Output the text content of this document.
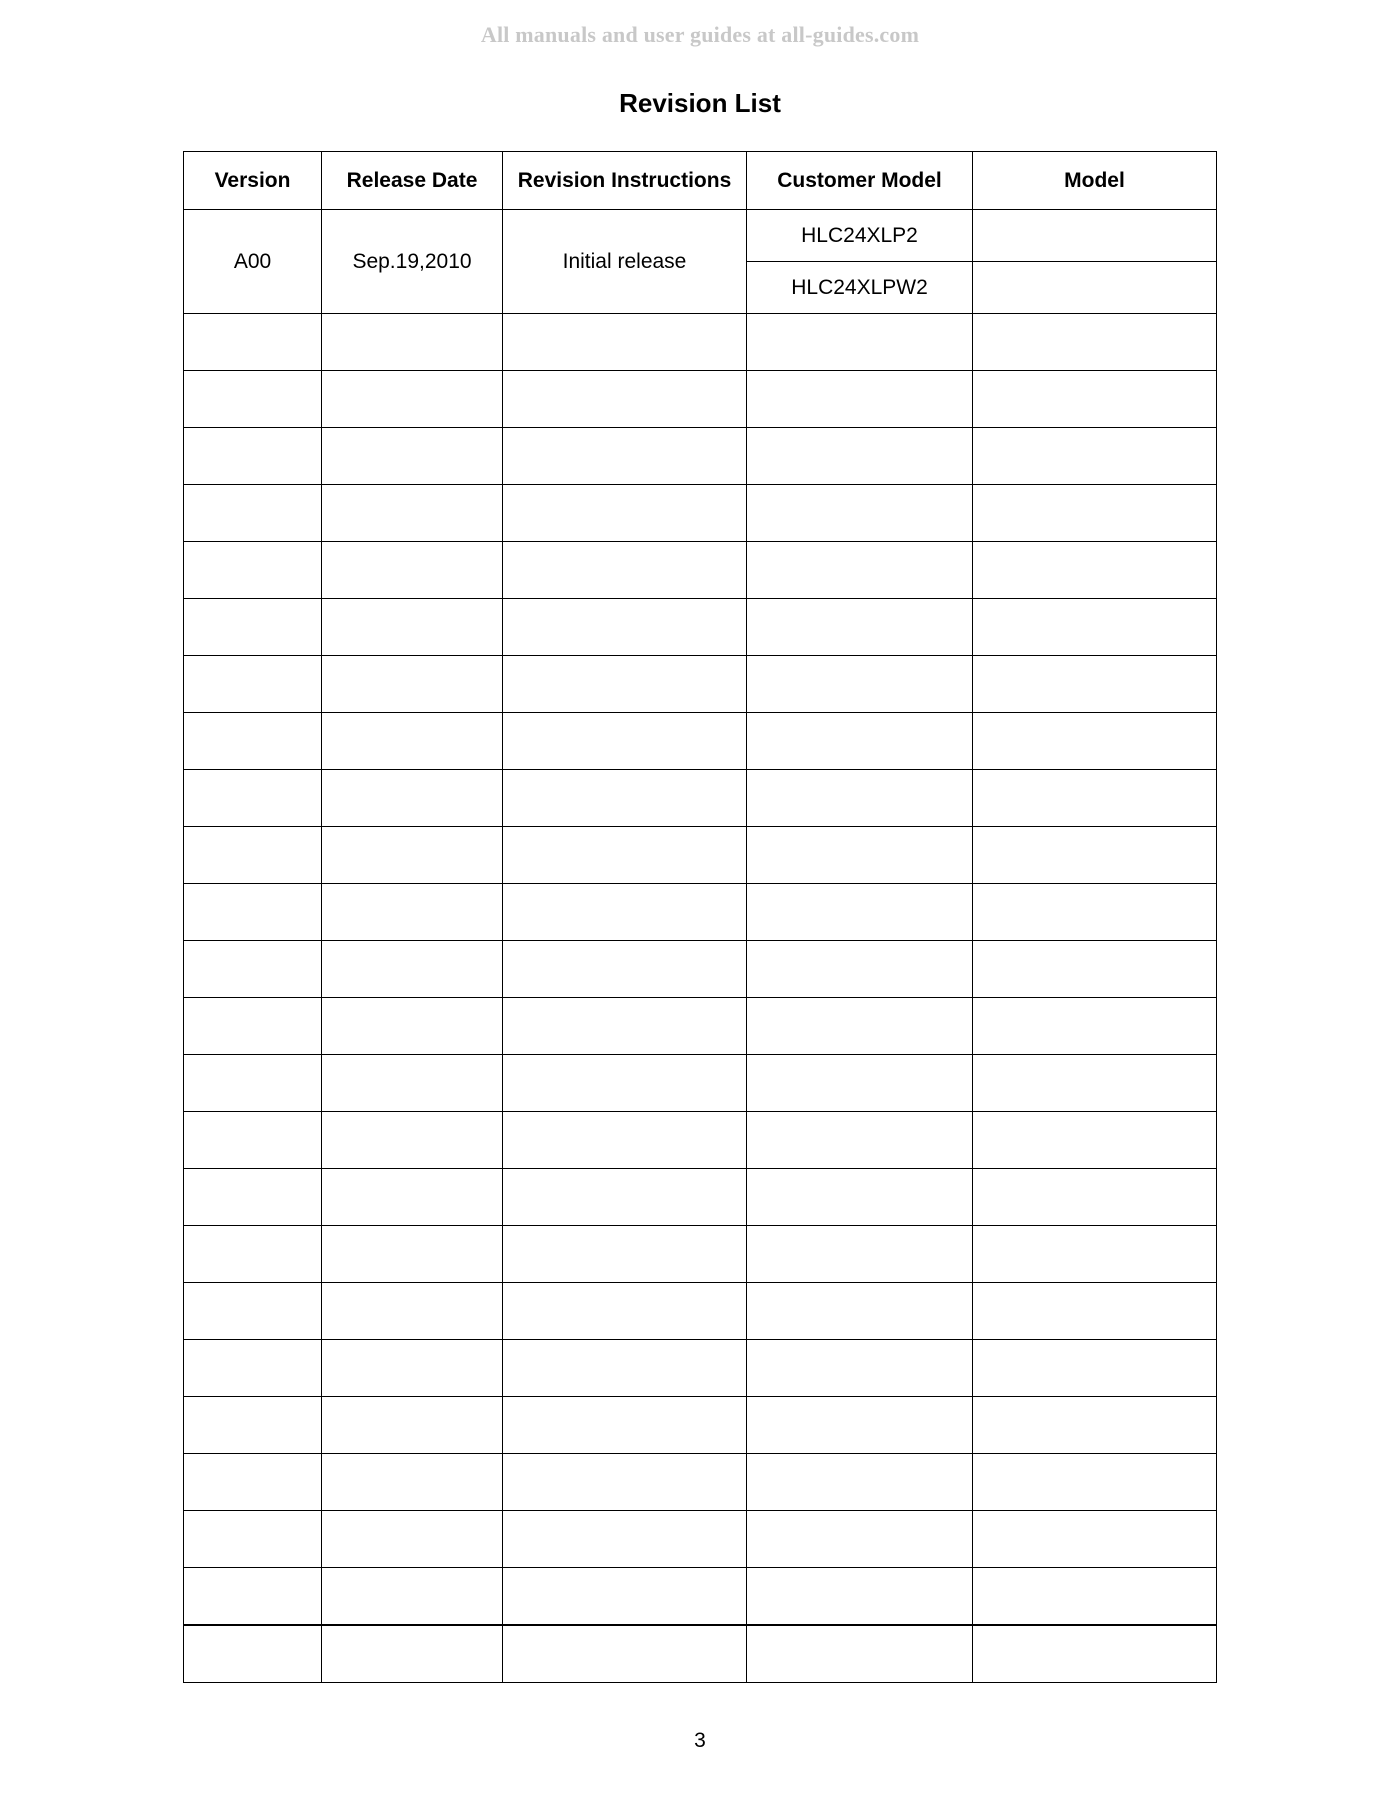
All manuals and user guides at all-guides.com
Revision List
Version	Release Date	Revision Instructions	Customer Model	Model
A00	Sep.19,2010	Initial release	HLC24XLP2	
			HLC24XLPW2	

3
